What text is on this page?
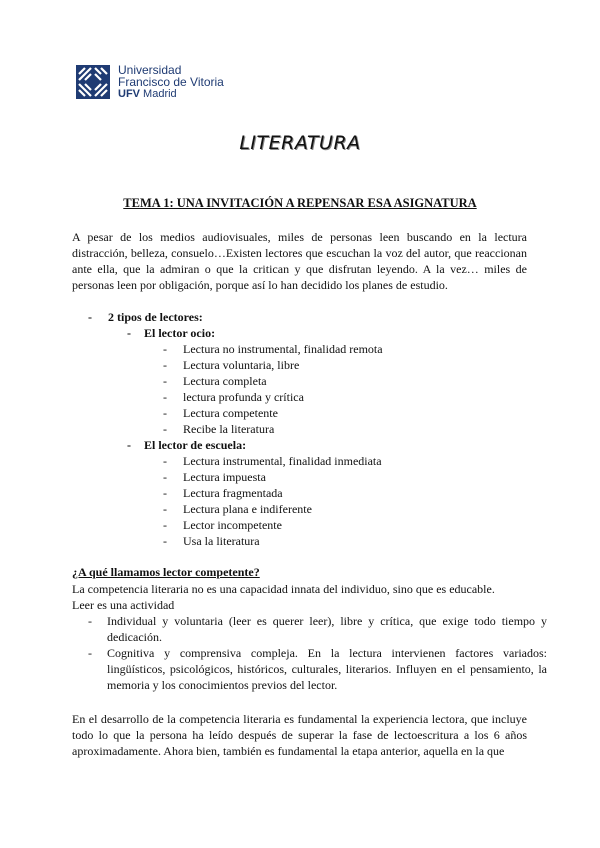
Universidad
Francisco de Vitoria
UFV Madrid
LITERATURA
TEMA 1: UNA INVITACIÓN A REPENSAR ESA ASIGNATURA

A pesar de los medios audiovisuales, miles de personas leen buscando en la lectura distracción, belleza, consuelo…Existen lectores que escuchan la voz del autor, que reaccionan ante ella, que la admiran o que la critican y que disfrutan leyendo. A la vez… miles de personas leen por obligación, porque así lo han decidido los planes de estudio.

- 2 tipos de lectores:
- El lector ocio:
- Lectura no instrumental, finalidad remota
- Lectura voluntaria, libre
- Lectura completa
- lectura profunda y crítica
- Lectura competente
- Recibe la literatura
- El lector de escuela:
- Lectura instrumental, finalidad inmediata
- Lectura impuesta
- Lectura fragmentada
- Lectura plana e indiferente
- Lector incompetente
- Usa la literatura
¿A qué llamamos lector competente?
La competencia literaria no es una capacidad innata del individuo, sino que es educable.
Leer es una actividad

- Individual y voluntaria (leer es querer leer), libre y crítica, que exige todo tiempo y dedicación.

- Cognitiva y comprensiva compleja. En la lectura intervienen factores variados: lingüísticos, psicológicos, históricos, culturales, literarios. Influyen en el pensamiento, la memoria y los conocimientos previos del lector.

En el desarrollo de la competencia literaria es fundamental la experiencia lectora, que incluye todo lo que la persona ha leído después de superar la fase de lectoescritura a los 6 años aproximadamente. Ahora bien, también es fundamental la etapa anterior, aquella en la que
